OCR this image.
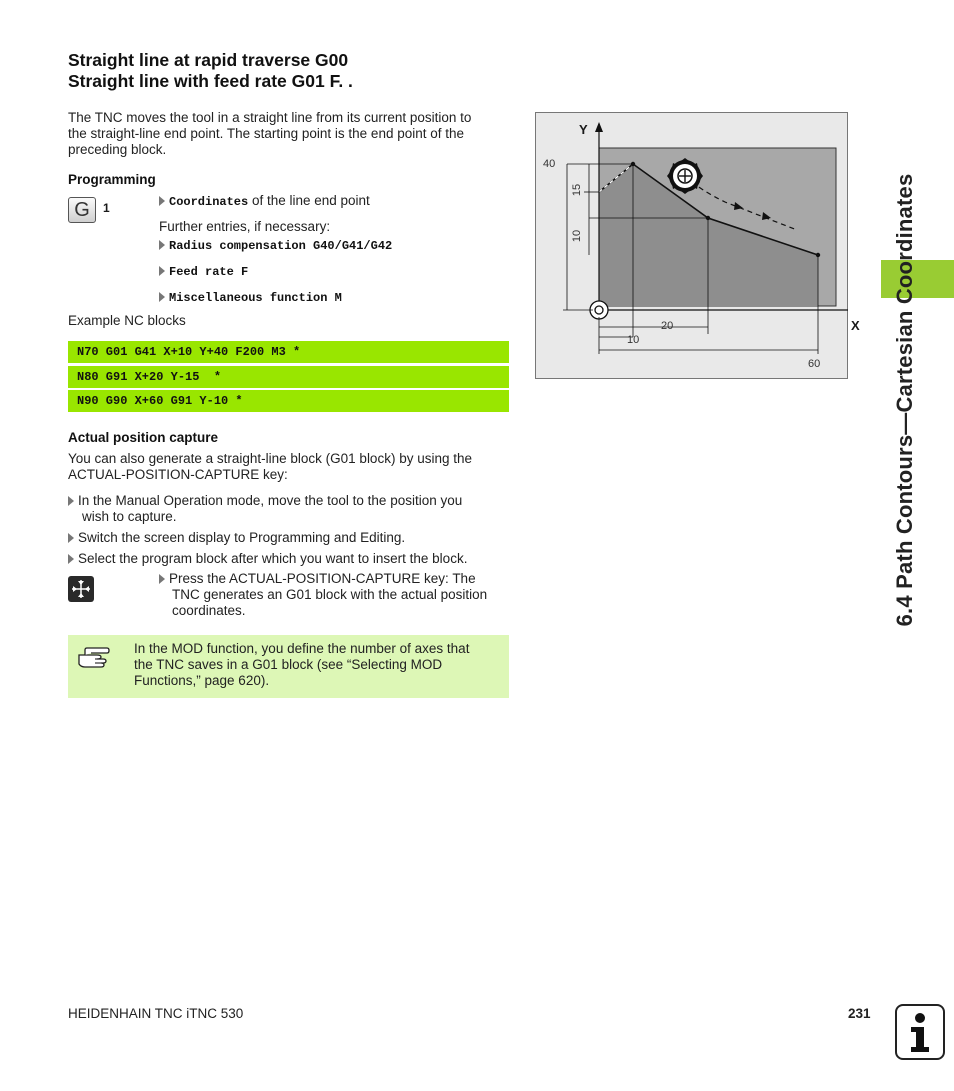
Straight line at rapid traverse G00
Straight line with feed rate G01 F. .
The TNC moves the tool in a straight line from its current position to
the straight-line end point. The starting point is the end point of the
preceding block.
Programming
G	1	Coordinates of the line end point
Further entries, if necessary:
Radius compensation G40/G41/G42
Feed rate F
Miscellaneous function M
Example NC blocks
N70 G01 G41 X+10 Y+40 F200 M3 *
N80 G91 X+20 Y-15  *
N90 G90 X+60 G91 Y-10 *
Actual position capture
You can also generate a straight-line block (G01 block) by using the
ACTUAL-POSITION-CAPTURE key:
In the Manual Operation mode, move the tool to the position you
wish to capture.
Switch the screen display to Programming and Editing.
Select the program block after which you want to insert the block.
Press the ACTUAL-POSITION-CAPTURE key: The
TNC generates an G01 block with the actual position
coordinates.
In the MOD function, you define the number of axes that
the TNC saves in a G01 block (see “Selecting MOD
Functions,” page 620).
Y
X
40
15
10
20
10
60	6.4 Path Contours—Cartesian Coordinates
HEIDENHAIN TNC iTNC 530	231
